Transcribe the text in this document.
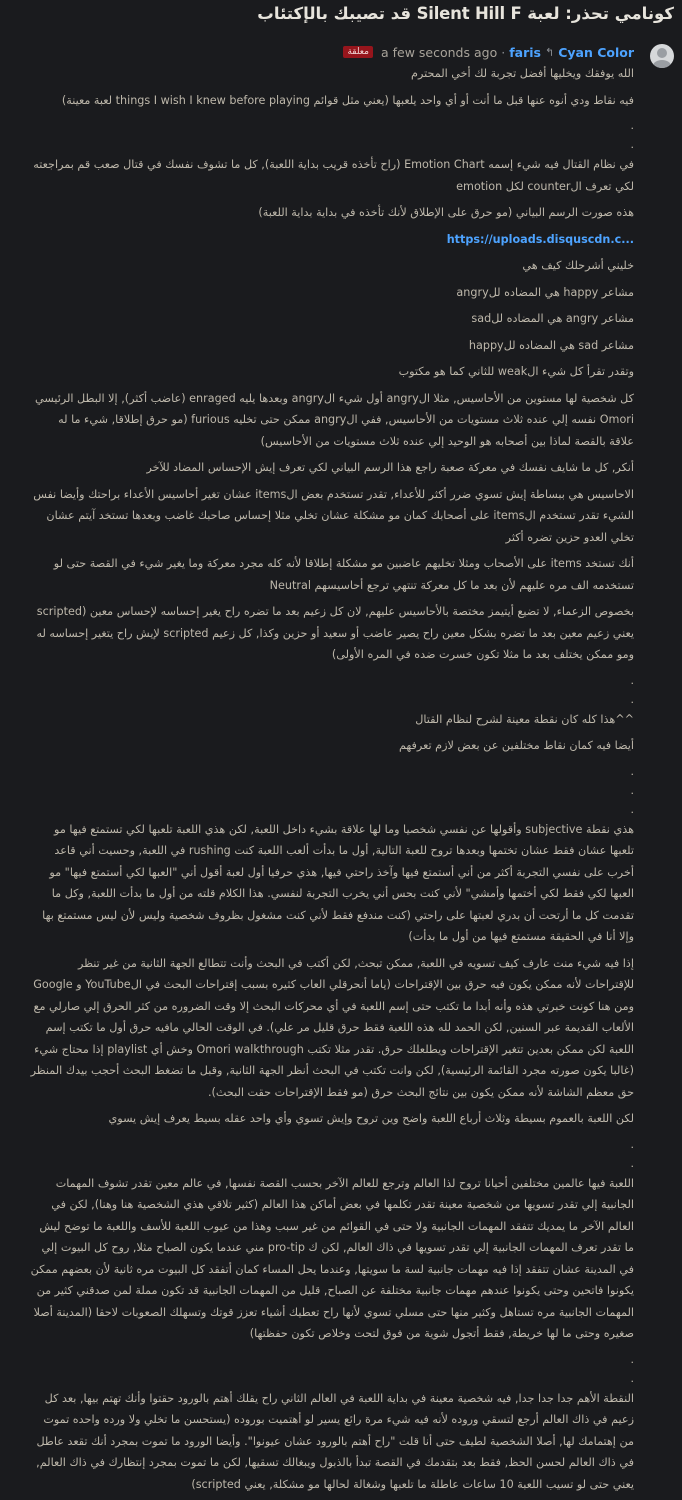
كونامي تحذر: لعبة Silent Hill F قد تصيبك بالإكتئاب
Cyan Color
↰
faris
·
a few seconds ago
معلقة

الله يوفقك ويخليها أفضل تجربة لك أخي المحترم

فيه نقاط ودي أنوه عنها قبل ما أنت أو أي واحد يلعبها (يعني مثل قوائم things I wish I knew before playing لعبة معينة)

.
.

في نظام القتال فيه شيء إسمه Emotion Chart (راح تأخذه قريب بداية اللعبة), كل ما تشوف نفسك في قتال صعب قم بمراجعته لكي تعرف الcounter لكل emotion

هذه صورت الرسم البياني (مو حرق على الإطلاق لأنك تأخذه في بداية بداية اللعبة)

https://uploads.disquscdn.c...

خليني أشرحلك كيف هي

مشاعر happy هي المضاده للangry

مشاعر angry هي المضاده للsad

مشاعر sad هي المضاده للhappy

وتقدر تقرأ كل شيء الweak للثاني كما هو مكتوب

كل شخصية لها مستوين من الأحاسيس, مثلا الangry أول شيء الangry وبعدها يليه enraged (عاضب أكثر), إلا البطل الرئيسي Omori نفسه إلي عنده ثلاث مستويات من الأحاسيس, ففي الangry ممكن حتى تخليه furious (مو حرق إطلاقا, شيء ما له علاقة بالقصة لماذا بين أصحابه هو الوحيد إلي عنده ثلاث مستويات من الأحاسيس)

أنكر, كل ما شايف نفسك في معركة صعبة راجع هذا الرسم البياني لكي تعرف إيش الإحساس المضاد للآخر

الاحاسيس هي ببساطة إيش تسوي ضرر أكثر للأعداء, تقدر تستخدم بعض الitems عشان تغير أحاسيس الأعداء براحتك وأيضا نفس الشيء تقدر تستخدم الitems على أصحابك كمان مو مشكلة عشان تخلي مثلا إحساس صاحبك غاضب وبعدها تستخد آيتم عشان تخلي العدو حزين تضره أكثر

أنك تستخد items على الأصحاب ومثلا تخليهم عاضبين مو مشكلة إطلاقا لأنه كله مجرد معركة وما يغير شيء في القصة حتى لو تستخدمه الف مره عليهم لأن بعد ما كل معركة تنتهي ترجع أحاسيسهم Neutral

بخصوص الزعماء, لا تضيع أيتيمز مختصة بالأحاسيس عليهم, لان كل زعيم بعد ما تضره راح يغير إحساسه لإحساس معين (scripted يعني زعيم معين بعد ما تضره بشكل معين راح يصير عاضب أو سعيد أو حزين وكذا, كل زعيم scripted لإيش راح يتغير إحساسه له ومو ممكن يختلف بعد ما مثلا تكون خسرت ضده في المره الأولى)

.
.

^^هذا كله كان نقطة معينة لشرح لنظام القتال

أيضا فيه كمان نقاط مختلفين عن بعض لازم تعرفهم

.
.
.

هذي نقطة subjective وأقولها عن نفسي شخصيا وما لها علاقة بشيء داخل اللعبة, لكن هذي اللعبة تلعبها لكي تستمتع فيها مو تلعبها عشان فقط عشان تختمها وبعدها تروح للعبة التالية, أول ما بدأت ألعب اللعبة كنت rushing في اللعبة, وحسيت أني قاعد أخرب على نفسي التجربة أكثر من أني أستمتع فيها وآخذ راحتي فيها, هذي حرفيا أول لعبة أقول أني "العبها لكي أستمتع فيها" مو العبها لكي فقط لكي أختمها وأمشي" لأني كنت بحس أني يخرب التجربة لنفسي. هذا الكلام قلته من أول ما بدأت اللعبة, وكل ما تقدمت كل ما أرتحت أن بدري لعبتها على راحتي (كنت مندفع فقط لأني كنت مشغول بظروف شخصية وليس لأن ليس مستمتع بها وإلا أنا في الحقيقة مستمتع فيها من أول ما بدأت)

إذا فيه شيء منت عارف كيف تسويه في اللعبة, ممكن تبحث, لكن أكتب في البحث وأنت تتطالع الجهة الثانية من غير تنظر للإقتراحات لأنه ممكن يكون فيه حرق بين الإقتراحات (ياما أنحرقلي العاب كثيره بسبب إقتراحات البحث في الYouTube و Google ومن هنا كونت خبرتي هذه وأنه أبدا ما تكتب حتى إسم اللعبة في أي محركات البحث إلا وقت الضروره من كثر الحرق إلي صارلي مع الألعاب القديمة عبر السنين, لكن الحمد لله هذه اللعبة فقط حرق قليل مر علي). في الوقت الحالي مافيه حرق أول ما تكتب إسم اللعبة لكن ممكن بعدين تتغير الإقتراحات ويطلعلك حرق. تقدر مثلا تكتب Omori walkthrough وخش أي playlist إذا محتاج شيء (غالبا يكون صورته مجرد القائمة الرئيسية), لكن وانت تكتب في البحث أنظر الجهة الثانية, وقبل ما تضغط البحث أحجب بيدك المنظر حق معظم الشاشة لأنه ممكن يكون بين نتائج البحث حرق (مو فقط الإقتراحات حقت البحث).

لكن اللعبة بالعموم بسيطة وثلاث أرباع اللعبة واضح وين تروح وإيش تسوي وأي واحد عقله بسيط يعرف إيش يسوي

.
.

اللعبة فيها عالمين مختلفين أحيانا تروح لذا العالم وترجع للعالم الآخر بحسب القصة نفسها, في عالم معين تقدر تشوف المهمات الجانبية إلي تقدر تسويها من شخصية معينة تقدر تكلمها في بعض أماكن هذا العالم (كثير تلاقي هذي الشخصية هنا وهنا), لكن في العالم الآخر ما يمديك تتفقد المهمات الجانبية ولا حتى في القوائم من غير سبب وهذا من عيوب اللعبة للأسف واللعبة ما توضح ليش ما تقدر تعرف المهمات الجانبية إلي تقدر تسويها في ذاك العالم, لكن ك pro-tip مني عندما يكون الصباح مثلا, روح كل البيوت إلي في المدينة عشان تتفقد إذا فيه مهمات جانبية لسة ما سويتها, وعندما يحل المساء كمان أتفقد كل البيوت مره ثانية لأن بعضهم ممكن يكونوا فاتحين وحتى يكونوا عندهم مهمات جانبية مختلفة عن الصباح, قليل من المهمات الجانبية قد تكون مملة لمن صدقني كثير من المهمات الجانبية مره تستاهل وكثير منها حتى مسلي تسوي لأنها راح تعطيك أشياء تعزز قوتك وتسهلك الصعوبات لاحقا (المدينة أصلا صغيره وحتى ما لها خريطة, فقط أتجول شوية من فوق لتحت وخلاص تكون حفظتها)

.
.

النقطة الأهم جدا جدا جدا, فيه شخصية معينة في بداية اللعبة في العالم الثاني راح يقلك أهتم بالورود حقتوا وأنك تهتم بيها, بعد كل زعيم في ذاك العالم أرجع لتسقي وروده لأنه فيه شيء مرة رائع يسير لو أهتميت بوروده (يستحسن ما تخلي ولا ورده واحده تموت من إهتمامك لها, أصلا الشخصية لطيف حتى أنا قلت "راح أهتم بالورود عشان عيونوا". وأيضا الورود ما تموت بمجرد أنك تقعد عاطل في ذاك العالم لحسن الحظ, فقط بعد بتقدمك في القصة تبدأ بالذبول ويبغالك تسقيها, لكن ما تموت بمجرد إنتظارك في ذاك العالم, يعني حتى لو تسيب اللعبة 10 ساعات عاطلة ما تلعبها وشغالة لحالها مو مشكلة, يعني scripted)
